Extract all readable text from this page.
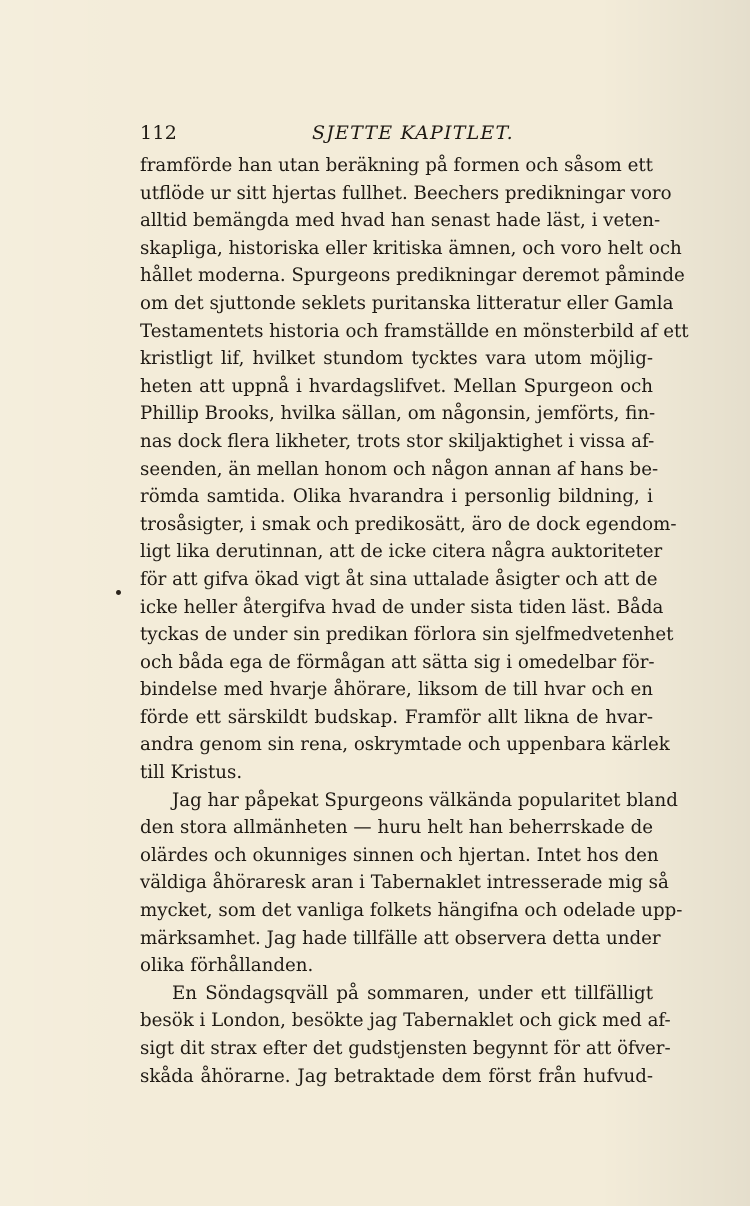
112	SJETTE KAPITLET.
framförde han utan beräkning på formen och såsom ett
utflöde ur sitt hjertas fullhet. Beechers predikningar voro
alltid bemängda med hvad han senast hade läst, i veten-
skapliga, historiska eller kritiska ämnen, och voro helt och
hållet moderna. Spurgeons predikningar deremot påminde
om det sjuttonde seklets puritanska litteratur eller Gamla
Testamentets historia och framställde en mönsterbild af ett
kristligt lif, hvilket stundom tycktes vara utom möjlig-
heten att uppnå i hvardagslifvet. Mellan Spurgeon och
Phillip Brooks, hvilka sällan, om någonsin, jemförts, fin-
nas dock flera likheter, trots stor skiljaktighet i vissa af-
seenden, än mellan honom och någon annan af hans be-
römda samtida. Olika hvarandra i personlig bildning, i
trosåsigter, i smak och predikosätt, äro de dock egendom-
ligt lika derutinnan, att de icke citera några auktoriteter
för att gifva ökad vigt åt sina uttalade åsigter och att de
icke heller återgifva hvad de under sista tiden läst. Båda
tyckas de under sin predikan förlora sin sjelfmedvetenhet
och båda ega de förmågan att sätta sig i omedelbar för-
bindelse med hvarje åhörare, liksom de till hvar och en
förde ett särskildt budskap. Framför allt likna de hvar-
andra genom sin rena, oskrymtade och uppenbara kärlek
till Kristus.
Jag har påpekat Spurgeons välkända popularitet bland
den stora allmänheten — huru helt han beherrskade de
olärdes och okunniges sinnen och hjertan. Intet hos den
väldiga åhöraresk aran i Tabernaklet intresserade mig så
mycket, som det vanliga folkets hängifna och odelade upp-
märksamhet. Jag hade tillfälle att observera detta under
olika förhållanden.
En Söndagsqväll på sommaren, under ett tillfälligt
besök i London, besökte jag Tabernaklet och gick med af-
sigt dit strax efter det gudstjensten begynnt för att öfver-
skåda åhörarne. Jag betraktade dem först från hufvud-
